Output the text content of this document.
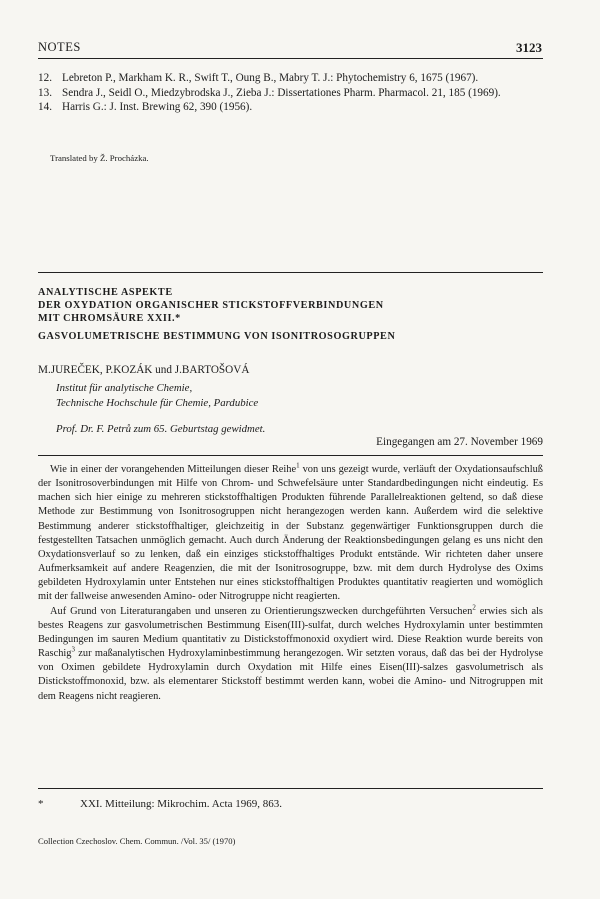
NOTES	3123
12. Lebreton P., Markham K. R., Swift T., Oung B., Mabry T. J.: Phytochemistry 6, 1675 (1967).
13. Sendra J., Seidl O., Miedzybrodska J., Zieba J.: Dissertationes Pharm. Pharmacol. 21, 185 (1969).
14. Harris G.: J. Inst. Brewing 62, 390 (1956).
Translated by Ž. Procházka.
ANALYTISCHE ASPEKTE
DER OXYDATION ORGANISCHER STICKSTOFFVERBINDUNGEN
MIT CHROMSÄURE XXII.*
GASVOLUMETRISCHE BESTIMMUNG VON ISONITROSOGRUPPEN
M.JUREČEK, P.KOZÁK und J.BARTOŠOVÁ
Institut für analytische Chemie,
Technische Hochschule für Chemie, Pardubice
Prof. Dr. F. Petrů zum 65. Geburtstag gewidmet.
Eingegangen am 27. November 1969

Wie in einer der vorangehenden Mitteilungen dieser Reihe$^1$ von uns gezeigt wurde, verläuft der Oxydationsaufschluß der Isonitrosoverbindungen mit Hilfe von Chrom- und Schwefelsäure unter Standardbedingungen nicht eindeutig. Es machen sich hier einige zu mehreren stickstoffhaltigen Produkten führende Parallelreaktionen geltend, so daß diese Methode zur Bestimmung von Isonitrosogruppen nicht herangezogen werden kann. Außerdem wird die selektive Bestimmung anderer stickstoffhaltiger, gleichzeitig in der Substanz gegenwärtiger Funktionsgruppen durch die festgestellten Tatsachen unmöglich gemacht. Auch durch Änderung der Reaktionsbedingungen gelang es uns nicht den Oxydationsverlauf so zu lenken, daß ein einziges stickstoffhaltiges Produkt entstände. Wir richteten daher unsere Aufmerksamkeit auf andere Reagenzien, die mit der Isonitrosogruppe, bzw. mit dem durch Hydrolyse des Oxims gebildeten Hydroxylamin unter Entstehen nur eines stickstoffhaltigen Produktes quantitativ reagierten und womöglich mit der fallweise anwesenden Amino- oder Nitrogruppe nicht reagierten.

Auf Grund von Literaturangaben und unseren zu Orientierungszwecken durchgeführten Versuchen$^2$ erwies sich als bestes Reagens zur gasvolumetrischen Bestimmung Eisen(III)-sulfat, durch welches Hydroxylamin unter bestimmten Bedingungen im sauren Medium quantitativ zu Distickstoffmonoxid oxydiert wird. Diese Reaktion wurde bereits von Raschig$^3$ zur maßanalytischen Hydroxylaminbestimmung herangezogen. Wir setzten voraus, daß das bei der Hydrolyse von Oximen gebildete Hydroxylamin durch Oxydation mit Hilfe eines Eisen(III)-salzes gasvolumetrisch als Distickstoffmonoxid, bzw. als elementarer Stickstoff bestimmt werden kann, wobei die Amino- und Nitrogruppen mit dem Reagens nicht reagieren.

*	XXI. Mitteilung: Mikrochim. Acta 1969, 863.
Collection Czechoslov. Chem. Commun. /Vol. 35/ (1970)
